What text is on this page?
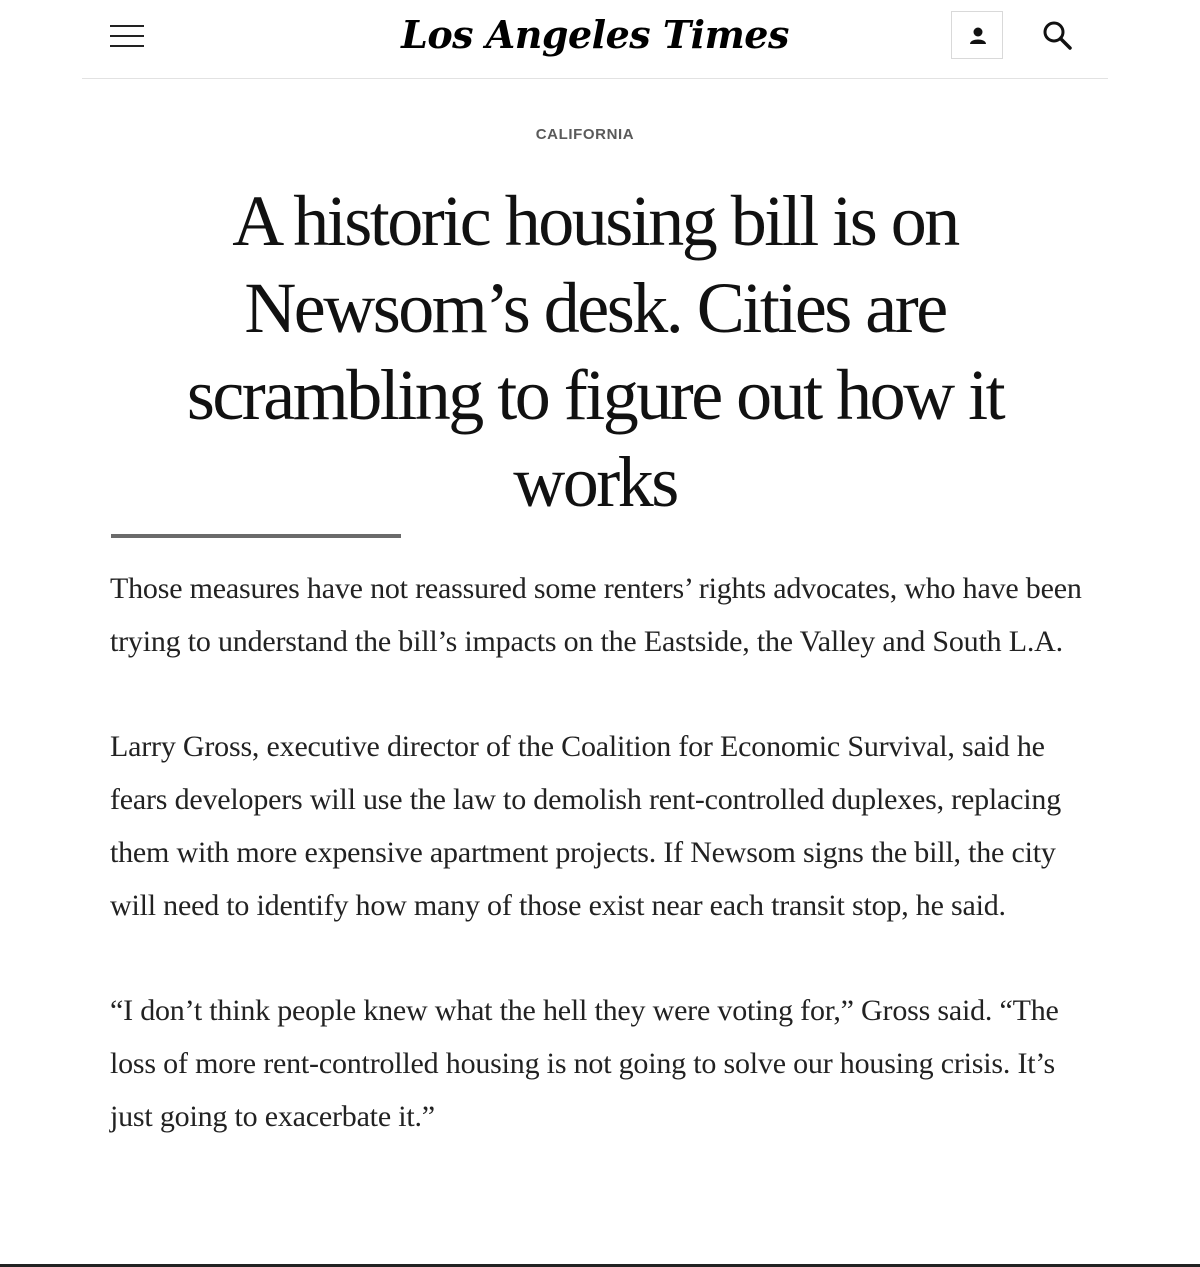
Los Angeles Times
CALIFORNIA
A historic housing bill is on Newsom’s desk. Cities are scrambling to figure out how it works

Those measures have not reassured some renters’ rights advocates, who have been trying to understand the bill’s impacts on the Eastside, the Valley and South L.A.

Larry Gross, executive director of the Coalition for Economic Survival, said he fears developers will use the law to demolish rent-controlled duplexes, replacing them with more expensive apartment projects. If Newsom signs the bill, the city will need to identify how many of those exist near each transit stop, he said.

“I don’t think people knew what the hell they were voting for,” Gross said. “The loss of more rent-controlled housing is not going to solve our housing crisis. It’s just going to exacerbate it.”
